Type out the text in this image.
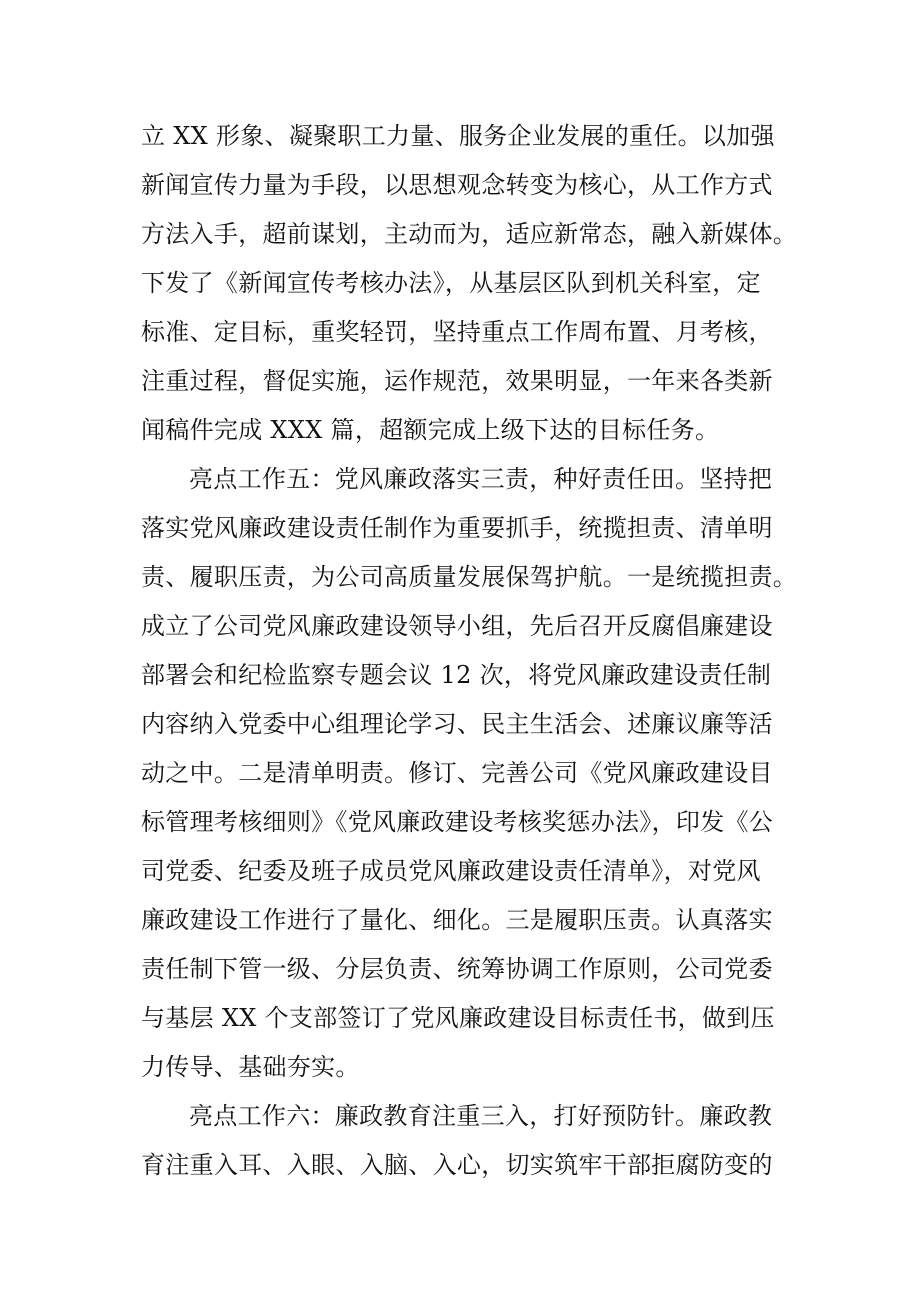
立 XX 形象、凝聚职工力量、服务企业发展的重任。以加强

新闻宣传力量为手段，以思想观念转变为核心，从工作方式

方法入手，超前谋划，主动而为，适应新常态，融入新媒体。

下发了《新闻宣传考核办法》，从基层区队到机关科室，定

标准、定目标，重奖轻罚，坚持重点工作周布置、月考核，

注重过程，督促实施，运作规范，效果明显，一年来各类新

闻稿件完成 XXX 篇，超额完成上级下达的目标任务。

亮点工作五：党风廉政落实三责，种好责任田。坚持把

落实党风廉政建设责任制作为重要抓手，统揽担责、清单明

责、履职压责，为公司高质量发展保驾护航。一是统揽担责。

成立了公司党风廉政建设领导小组，先后召开反腐倡廉建设

部署会和纪检监察专题会议 12 次，将党风廉政建设责任制

内容纳入党委中心组理论学习、民主生活会、述廉议廉等活

动之中。二是清单明责。修订、完善公司《党风廉政建设目

标管理考核细则》《党风廉政建设考核奖惩办法》，印发《公

司党委、纪委及班子成员党风廉政建设责任清单》，对党风

廉政建设工作进行了量化、细化。三是履职压责。认真落实

责任制下管一级、分层负责、统筹协调工作原则，公司党委

与基层 XX 个支部签订了党风廉政建设目标责任书，做到压

力传导、基础夯实。

亮点工作六：廉政教育注重三入，打好预防针。廉政教

育注重入耳、入眼、入脑、入心，切实筑牢干部拒腐防变的
